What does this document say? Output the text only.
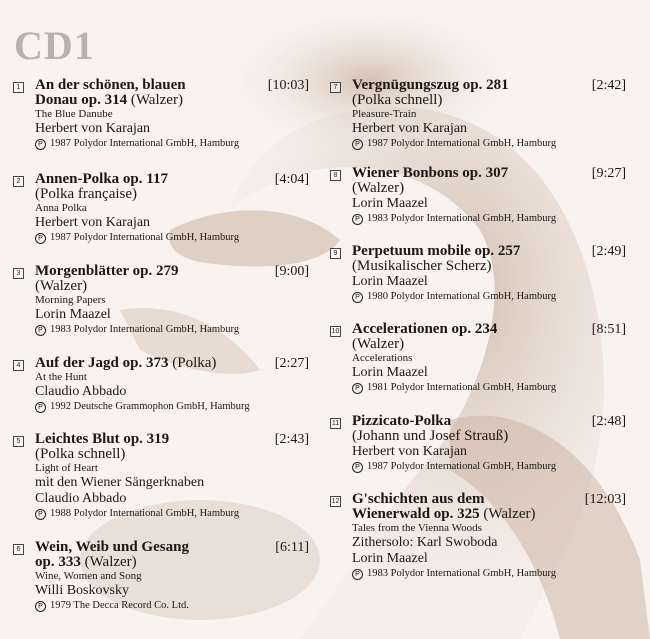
CD1
1 An der schönen, blauen	[10:03]
Donau op. 314 (Walzer)
The Blue Danube
Herbert von Karajan
P 1987 Polydor International GmbH, Hamburg
2 Annen-Polka op. 117	[4:04]
(Polka française)
Anna Polka
Herbert von Karajan
P 1987 Polydor International GmbH, Hamburg
3 Morgenblätter op. 279	[9:00]
(Walzer)
Morning Papers
Lorin Maazel
P 1983 Polydor International GmbH, Hamburg
4 Auf der Jagd op. 373 (Polka)	[2:27]
At the Hunt
Claudio Abbado
P 1992 Deutsche Grammophon GmbH, Hamburg
5 Leichtes Blut op. 319	[2:43]
(Polka schnell)
Light of Heart
mit den Wiener Sängerknaben
Claudio Abbado
P 1988 Polydor International GmbH, Hamburg
6 Wein, Weib und Gesang	[6:11]
op. 333 (Walzer)
Wine, Women and Song
Willi Boskovsky
P 1979 The Decca Record Co. Ltd.
7 Vergnügungszug op. 281	[2:42]
(Polka schnell)
Pleasure-Train
Herbert von Karajan
P 1987 Polydor International GmbH, Hamburg
8 Wiener Bonbons op. 307	[9:27]
(Walzer)
Lorin Maazel
P 1983 Polydor International GmbH, Hamburg
9 Perpetuum mobile op. 257	[2:49]
(Musikalischer Scherz)
Lorin Maazel
P 1980 Polydor International GmbH, Hamburg
10 Accelerationen op. 234	[8:51]
(Walzer)
Accelerations
Lorin Maazel
P 1981 Polydor International GmbH, Hamburg
11 Pizzicato-Polka	[2:48]
(Johann und Josef Strauß)
Herbert von Karajan
P 1987 Polydor International GmbH, Hamburg
12 G'schichten aus dem	[12:03]
Wienerwald op. 325 (Walzer)
Tales from the Vienna Woods
Zithersolo: Karl Swoboda
Lorin Maazel
P 1983 Polydor International GmbH, Hamburg
